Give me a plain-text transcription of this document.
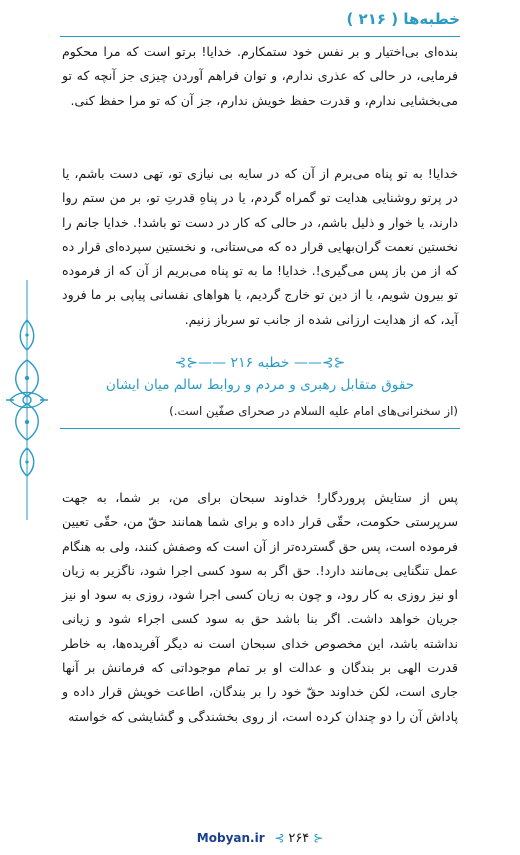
خطبه‌ها ( ۲۱۶ )

بنده‌ای بی‌اختیار و بر نفس خود ستمکارم. خدایا! برتو است که مرا محکوم فرمایی، در حالی که عذری ندارم، و توان فراهم آوردن چیزی جز آنچه که تو می‌بخشایی ندارم، و قدرت حفظ خویش ندارم، جز آن که تو مرا حفظ کنی.

خدایا! به تو پناه می‌برم از آن که در سایه بی نیازی تو، تهی دست باشم، یا در پرتو روشنایی هدایت تو گمراه گردم، یا در پناهِ قدرتِ تو، بر من ستم روا دارند، یا خوار و ذلیل باشم، در حالی که کار در دست تو باشد!. خدایا جانم را نخستین نعمت گران‌بهایی قرار ده که می‌ستانی، و نخستین سپرده‌ای قرار ده که از من باز پس می‌گیری!. خدایا! ما به تو پناه می‌بریم از آن که از فرموده تو بیرون شویم، یا از دین تو خارج گردیم، یا هواهای نفسانی پیاپی بر ما فرود آید، که از هدایت ارزانی شده از جانب تو سرباز زنیم.

⊰⊱—— خطبه ۲۱۶ ——⊰⊱
حقوق متقابل رهبری و مردم و روابط سالم میان ایشان
(از سخنرانی‌های امام علیه السلام در صحرای صفّین است.)

پس از ستایش پروردگار! خداوند سبحان برای من، بر شما، به جهت سرپرستی حکومت، حقّی قرار داده و برای شما همانند حقّ من، حقّی تعیین فرموده است، پس حق گسترده‌تر از آن است که وصفش کنند، ولی به هنگام عمل تنگنایی بی‌مانند دارد!. حق اگر به سود کسی اجرا شود، ناگزیر به زیان او نیز روزی به کار رود، و چون به زیان کسی اجرا شود، روزی به سود او نیز جریان خواهد داشت. اگر بنا باشد حق به سود کسی اجراء شود و زیانی نداشته باشد، این مخصوص خدای سبحان است نه دیگر آفریده‌ها، به خاطر قدرت الهی بر بندگان و عدالت او بر تمام موجوداتی که فرمانش بر آنها جاری است، لکن خداوند حقّ خود را بر بندگان، اطاعت خویش قرار داده و پاداش آن را دو چندان کرده است، از روی بخشندگی و گشایشی که خواسته

Mobyan.ir ⊰ ۲۶۴ ⊱
